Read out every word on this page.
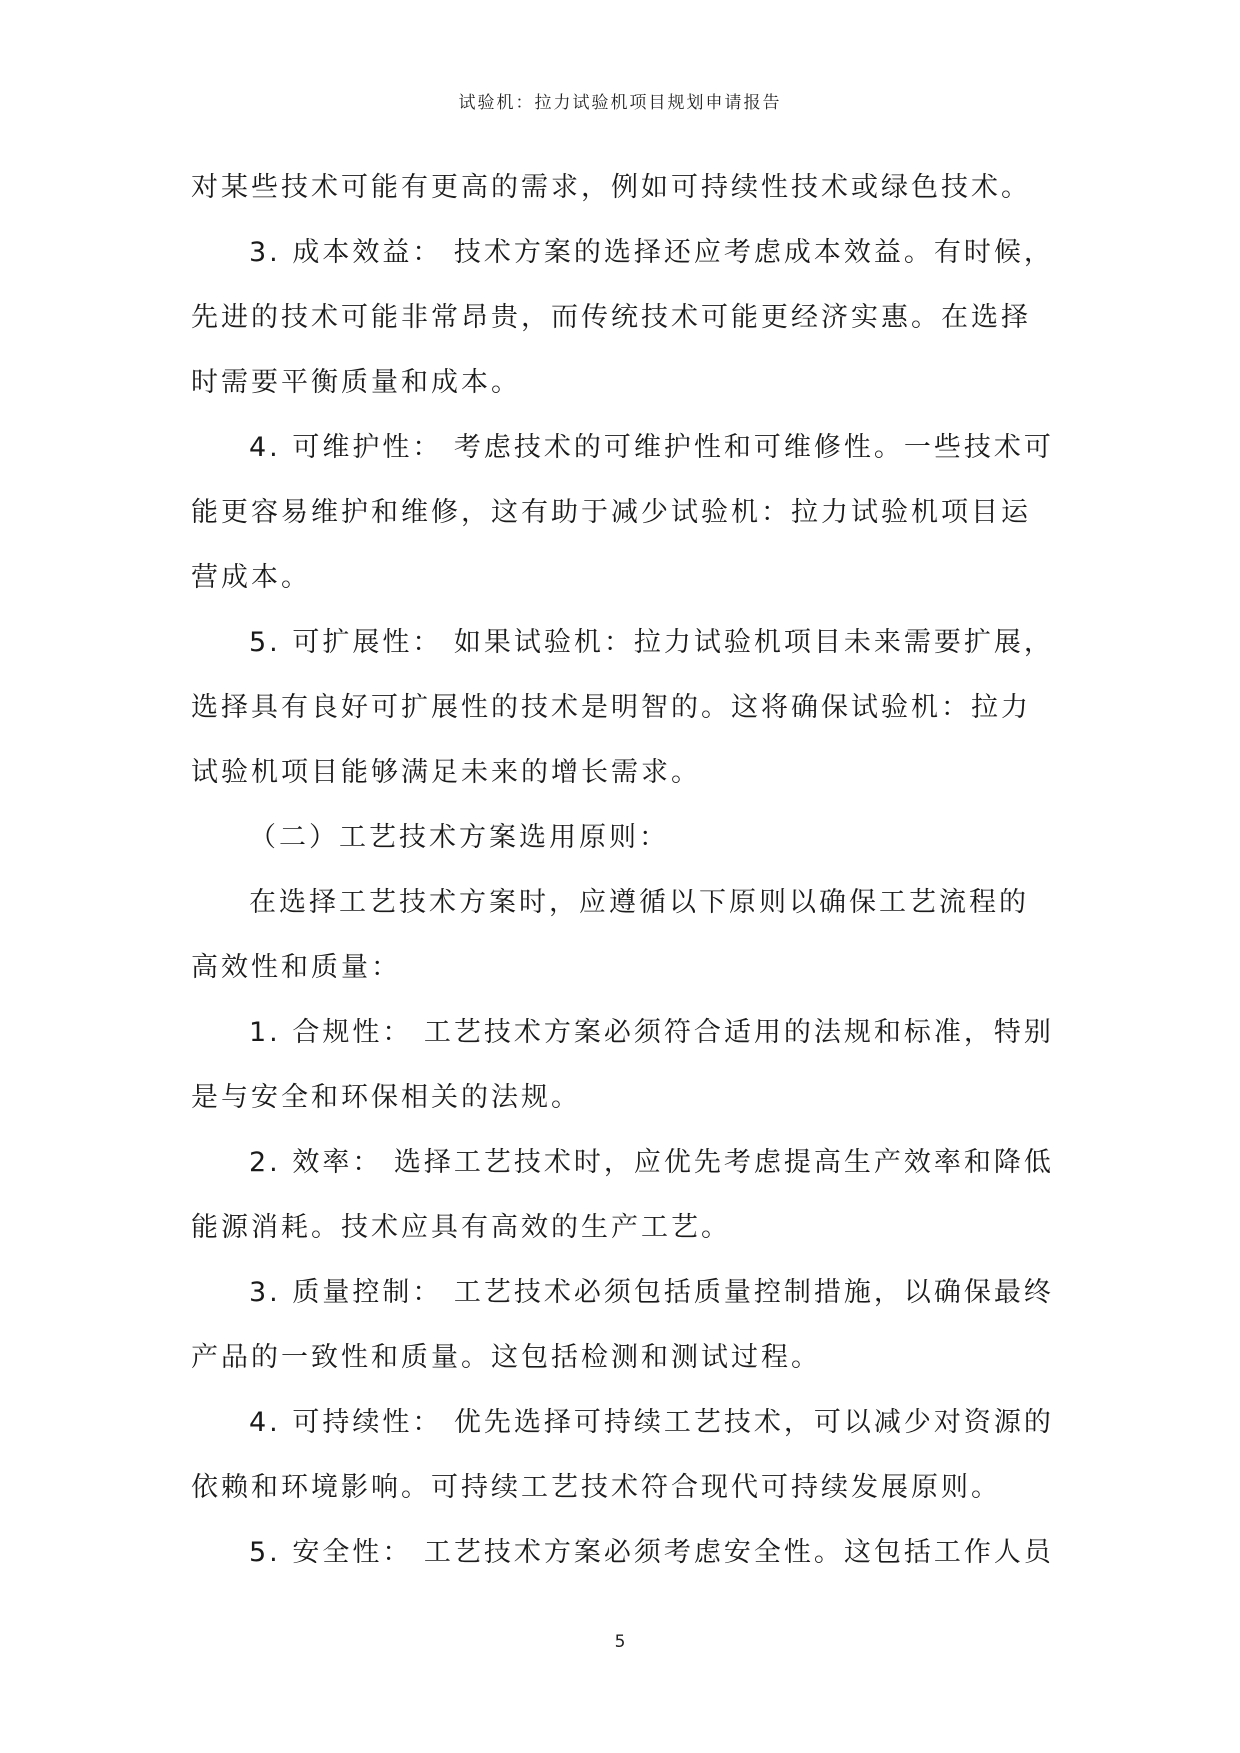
试验机：拉力试验机项目规划申请报告

对某些技术可能有更高的需求，例如可持续性技术或绿色技术。

3. 成本效益： 技术方案的选择还应考虑成本效益。有时候，先进的技术可能非常昂贵，而传统技术可能更经济实惠。在选择时需要平衡质量和成本。

4. 可维护性： 考虑技术的可维护性和可维修性。一些技术可能更容易维护和维修，这有助于减少试验机：拉力试验机项目运营成本。

5. 可扩展性： 如果试验机：拉力试验机项目未来需要扩展，选择具有良好可扩展性的技术是明智的。这将确保试验机：拉力试验机项目能够满足未来的增长需求。

（二）工艺技术方案选用原则：

在选择工艺技术方案时，应遵循以下原则以确保工艺流程的高效性和质量：

1. 合规性： 工艺技术方案必须符合适用的法规和标准，特别是与安全和环保相关的法规。

2. 效率： 选择工艺技术时，应优先考虑提高生产效率和降低能源消耗。技术应具有高效的生产工艺。

3. 质量控制： 工艺技术必须包括质量控制措施，以确保最终产品的一致性和质量。这包括检测和测试过程。

4. 可持续性： 优先选择可持续工艺技术，可以减少对资源的依赖和环境影响。可持续工艺技术符合现代可持续发展原则。

5. 安全性： 工艺技术方案必须考虑安全性。这包括工作人员

5
